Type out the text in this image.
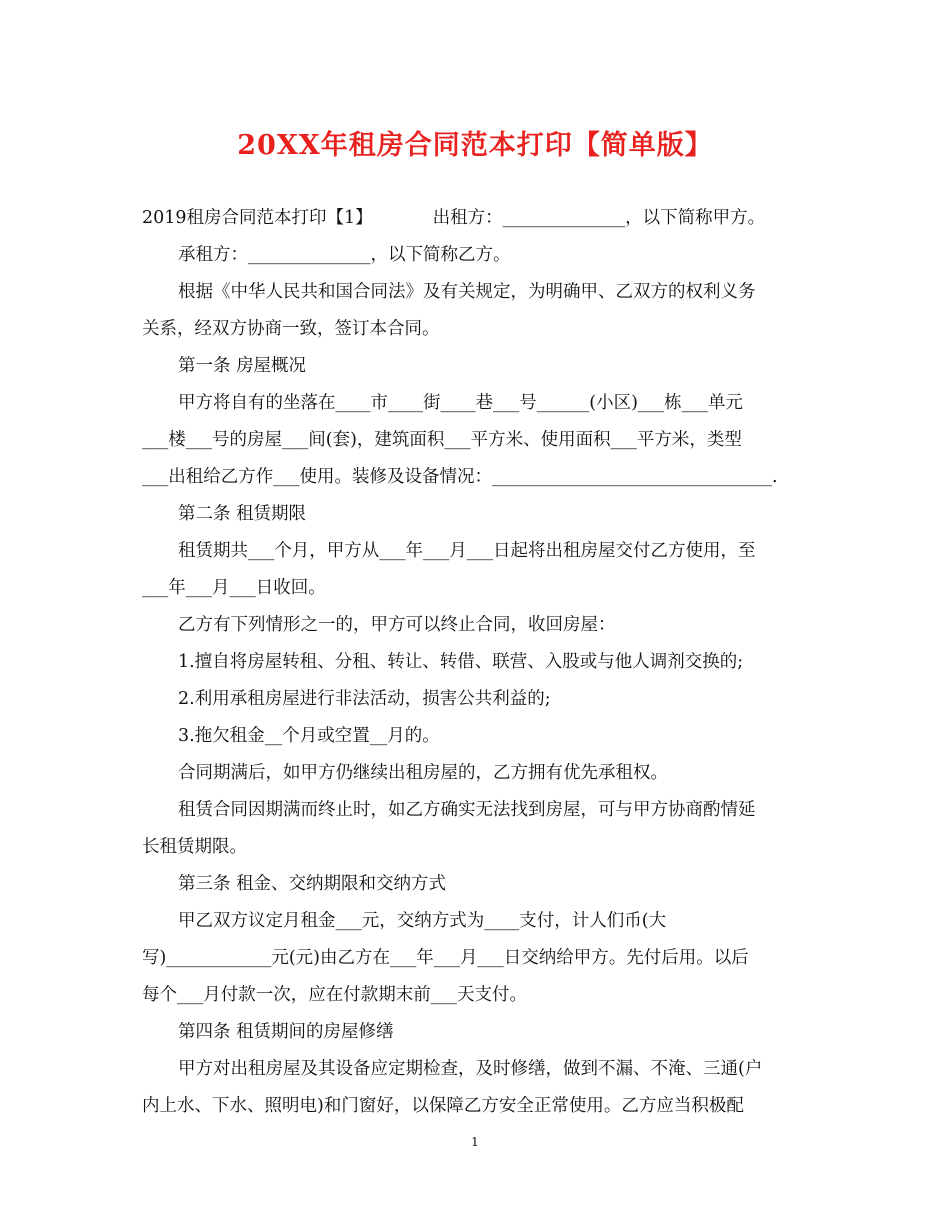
20XX年租房合同范本打印【简单版】
2019租房合同范本打印【1】	出租方：______________，以下简称甲方。
承租方：______________，以下简称乙方。
根据《中华人民共和国合同法》及有关规定，为明确甲、乙双方的权利义务
关系，经双方协商一致，签订本合同。
第一条 房屋概况
甲方将自有的坐落在____市____街____巷___号______(小区)___栋___单元
___楼___号的房屋___间(套)，建筑面积___平方米、使用面积___平方米，类型
___出租给乙方作___使用。装修及设备情况：________________________________.
第二条 租赁期限
租赁期共___个月，甲方从___年___月___日起将出租房屋交付乙方使用，至
___年___月___日收回。
乙方有下列情形之一的，甲方可以终止合同，收回房屋：
1.擅自将房屋转租、分租、转让、转借、联营、入股或与他人调剂交换的;
2.利用承租房屋进行非法活动，损害公共利益的;
3.拖欠租金__个月或空置__月的。
合同期满后，如甲方仍继续出租房屋的，乙方拥有优先承租权。
租赁合同因期满而终止时，如乙方确实无法找到房屋，可与甲方协商酌情延
长租赁期限。
第三条 租金、交纳期限和交纳方式
甲乙双方议定月租金___元，交纳方式为____支付，计人们币(大
写)____________元(元)由乙方在___年___月___日交纳给甲方。先付后用。以后
每个___月付款一次，应在付款期末前___天支付。
第四条 租赁期间的房屋修缮
甲方对出租房屋及其设备应定期检查，及时修缮，做到不漏、不淹、三通(户
内上水、下水、照明电)和门窗好，以保障乙方安全正常使用。乙方应当积极配
1
